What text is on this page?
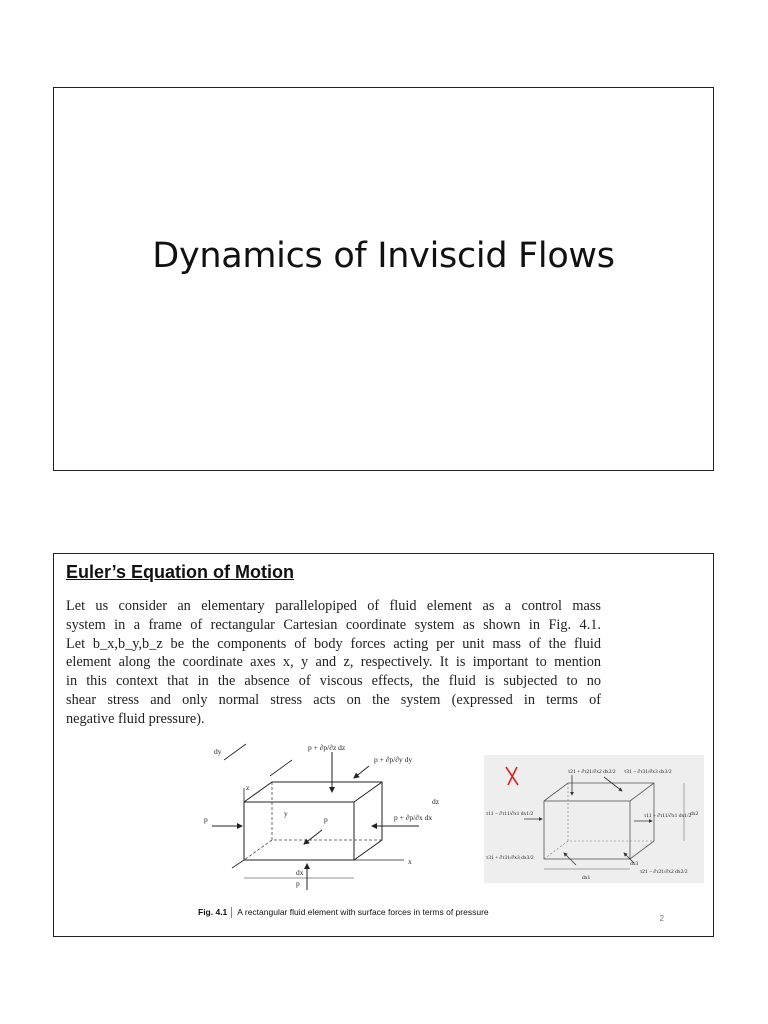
Dynamics of Inviscid Flows
Euler’s Equation of Motion
Let us consider an elementary parallelopiped of fluid element as a control mass
system in a frame of rectangular Cartesian coordinate system as shown in Fig. 4.1.
Let b_x,b_y,b_z be the components of body forces acting per unit mass of the fluid
element along the coordinate axes x, y and z, respectively. It is important to mention
in this context that in the absence of viscous effects, the fluid is subjected to no
shear stress and only normal stress acts on the system (expressed in terms of
negative fluid pressure).
p + ∂p/∂z dz
p + ∂p/∂y dy
p + ∂p/∂x dx
p	p
p
dy
dz
dx
x
y
z
τ21 + ∂τ21/∂x2 dx2/2 τ31 − ∂τ31/∂x3 dx3/2
τ11 − ∂τ11/∂x1 dx1/2	τ11 + ∂τ11/∂x1 dx1/2
τ31 + ∂τ31/∂x3 dx3/2
τ21 − ∂τ21/∂x2 dx2/2
dx1
dx2
dx3
Fig. 4.1 A rectangular fluid element with surface forces in terms of pressure
2
